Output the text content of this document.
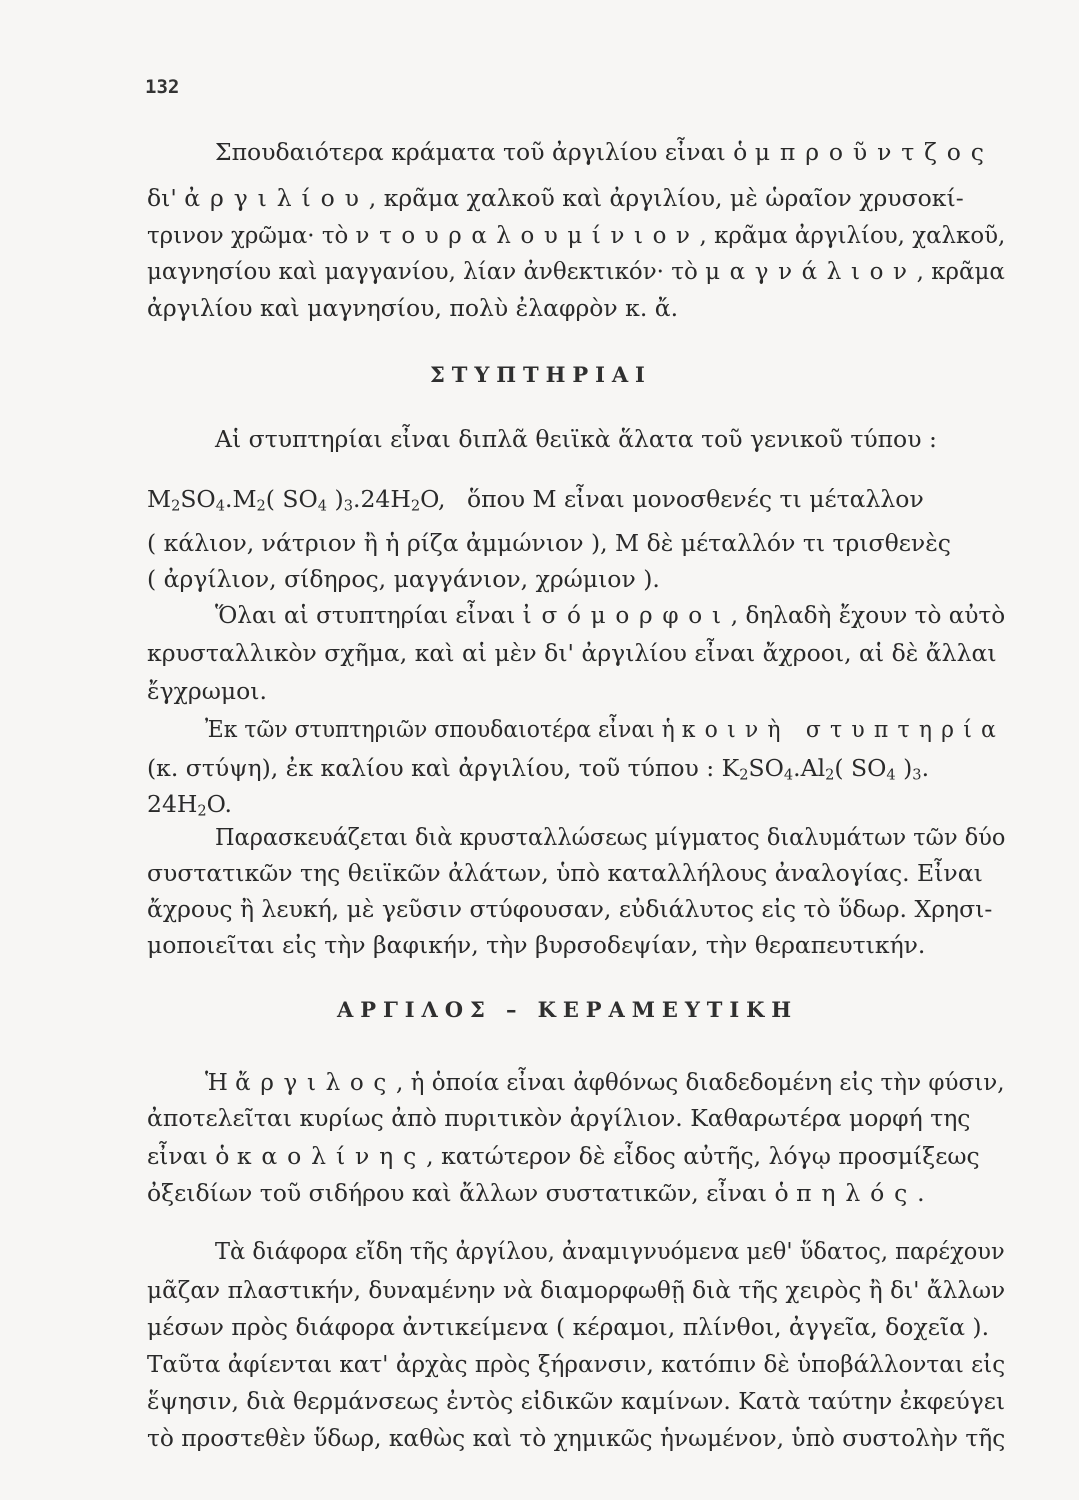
132
Σπουδαιότερα κράματα τοῦ ἀργιλίου εἶναι ὁ μπροῦντζος
δι' ἀργιλίου, κρᾶμα χαλκοῦ καὶ ἀργιλίου, μὲ ὡραῖον χρυσοκί-
τρινον χρῶμα· τὸ ντουραλουμίνιον, κρᾶμα ἀργιλίου, χαλκοῦ,
μαγνησίου καὶ μαγγανίου, λίαν ἀνθεκτικόν· τὸ μαγνάλιον, κρᾶμα
ἀργιλίου καὶ μαγνησίου, πολὺ ἐλαφρὸν κ. ἄ.
ΣΤΥΠΤΗΡΙΑΙ
Αἱ στυπτηρίαι εἶναι διπλᾶ θειϊκὰ ἅλατα τοῦ γενικοῦ τύπου :
$M_2SO_4.M_2$( $SO_4$ )$_3.24H_2O$, ὅπου M εἶναι μονοσθενές τι μέταλλον
( κάλιον, νάτριον ἢ ἡ ρίζα ἀμμώνιον ), M δὲ μέταλλόν τι τρισθενὲς
( ἀργίλιον, σίδηρος, μαγγάνιον, χρώμιον ).
Ὅλαι αἱ στυπτηρίαι εἶναι ἰσόμορφοι, δηλαδὴ ἔχουν τὸ αὐτὸ
κρυσταλλικὸν σχῆμα, καὶ αἱ μὲν δι' ἀργιλίου εἶναι ἄχροοι, αἱ δὲ ἄλλαι
ἔγχρωμοι.
Ἐκ τῶν στυπτηριῶν σπουδαιοτέρα εἶναι ἡ κοινὴ στυπτηρία
(κ. στύψη), ἐκ καλίου καὶ ἀργιλίου, τοῦ τύπου : $K_2SO_4.Al_2$( $SO_4$ )$_3$.
$24H_2O$.
Παρασκευάζεται διὰ κρυσταλλώσεως μίγματος διαλυμάτων τῶν δύο
συστατικῶν της θειϊκῶν ἀλάτων, ὑπὸ καταλλήλους ἀναλογίας. Εἶναι
ἄχρους ἢ λευκή, μὲ γεῦσιν στύφουσαν, εὐδιάλυτος εἰς τὸ ὕδωρ. Χρησι-
μοποιεῖται εἰς τὴν βαφικήν, τὴν βυρσοδεψίαν, τὴν θεραπευτικήν.
ΑΡΓΙΛΟΣ – ΚΕΡΑΜΕΥΤΙΚΗ
Ἡ ἄργιλος, ἡ ὁποία εἶναι ἀφθόνως διαδεδομένη εἰς τὴν φύσιν,
ἀποτελεῖται κυρίως ἀπὸ πυριτικὸν ἀργίλιον. Καθαρωτέρα μορφή της
εἶναι ὁ καολίνης, κατώτερον δὲ εἶδος αὐτῆς, λόγῳ προσμίξεως
ὀξειδίων τοῦ σιδήρου καὶ ἄλλων συστατικῶν, εἶναι ὁ πηλός.
Τὰ διάφορα εἴδη τῆς ἀργίλου, ἀναμιγνυόμενα μεθ' ὕδατος, παρέχουν
μᾶζαν πλαστικήν, δυναμένην νὰ διαμορφωθῇ διὰ τῆς χειρὸς ἢ δι' ἄλλων
μέσων πρὸς διάφορα ἀντικείμενα ( κέραμοι, πλίνθοι, ἀγγεῖα, δοχεῖα ).
Ταῦτα ἀφίενται κατ' ἀρχὰς πρὸς ξήρανσιν, κατόπιν δὲ ὑποβάλλονται εἰς
ἕψησιν, διὰ θερμάνσεως ἐντὸς εἰδικῶν καμίνων. Κατὰ ταύτην ἐκφεύγει
τὸ προστεθὲν ὕδωρ, καθὼς καὶ τὸ χημικῶς ἡνωμένον, ὑπὸ συστολὴν τῆς
